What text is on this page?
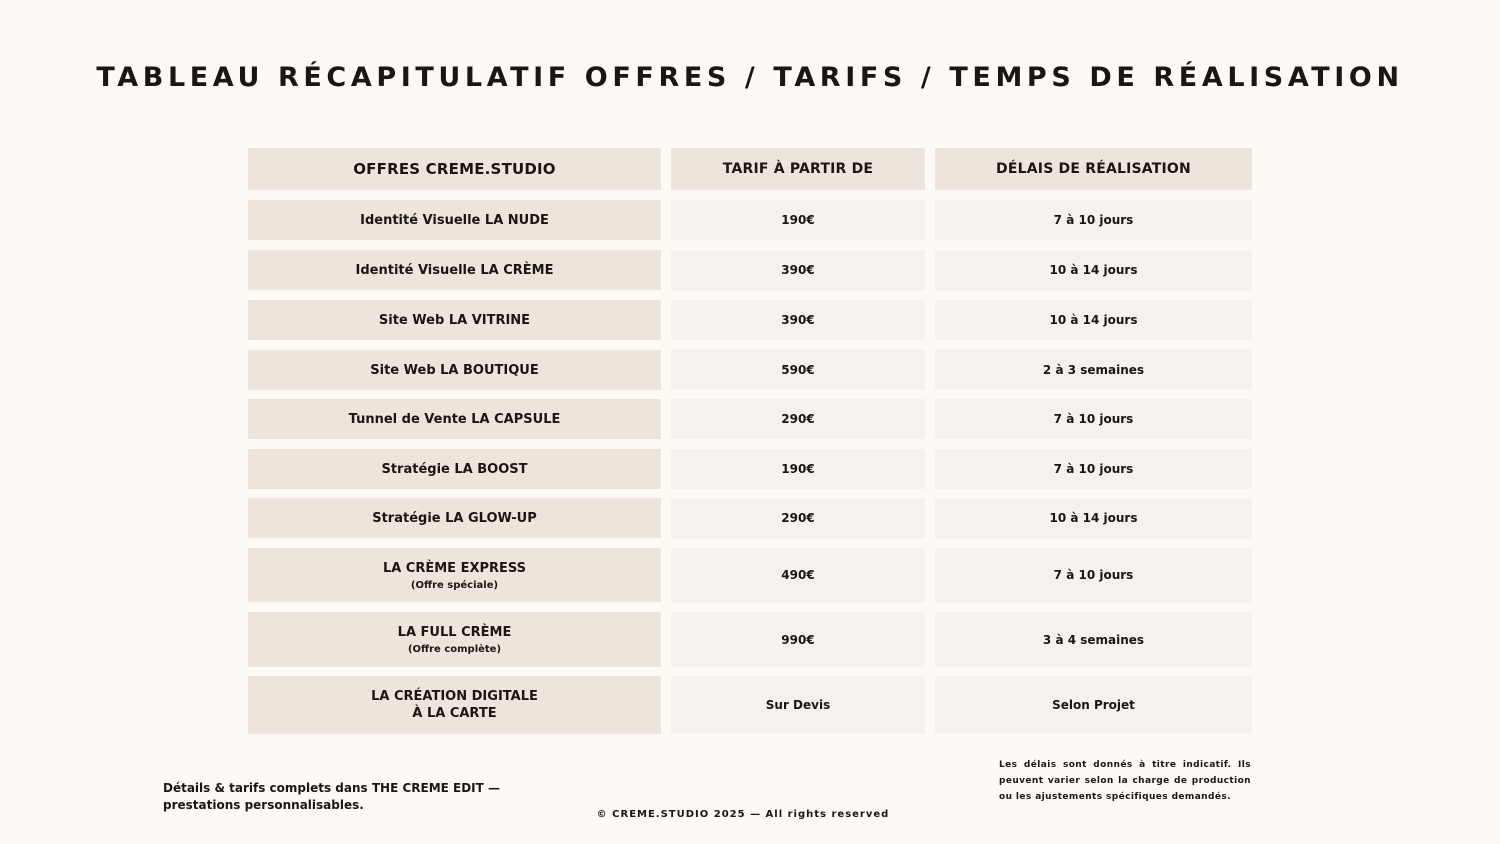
TABLEAU RÉCAPITULATIF OFFRES / TARIFS / TEMPS DE RÉALISATION
OFFRES CREME.STUDIO	TARIF À PARTIR DE	DÉLAIS DE RÉALISATION
Identité Visuelle LA NUDE	190€	7 à 10 jours
Identité Visuelle LA CRÈME	390€	10 à 14 jours
Site Web LA VITRINE	390€	10 à 14 jours
Site Web LA BOUTIQUE	590€	2 à 3 semaines
Tunnel de Vente LA CAPSULE	290€	7 à 10 jours
Stratégie LA BOOST	190€	7 à 10 jours
Stratégie LA GLOW-UP	290€	10 à 14 jours
LA CRÈME EXPRESS
(Offre spéciale)
490€	7 à 10 jours
LA FULL CRÈME
(Offre complète)
990€	3 à 4 semaines
LA CRÉATION DIGITALE
À LA CARTE
Sur Devis	Selon Projet
Détails & tarifs complets dans THE CREME EDIT —
prestations personnalisables.
Les délais sont donnés à titre indicatif. Ils peuvent varier selon la charge de production ou les ajustements spécifiques demandés.
© CREME.STUDIO 2025 — All rights reserved
